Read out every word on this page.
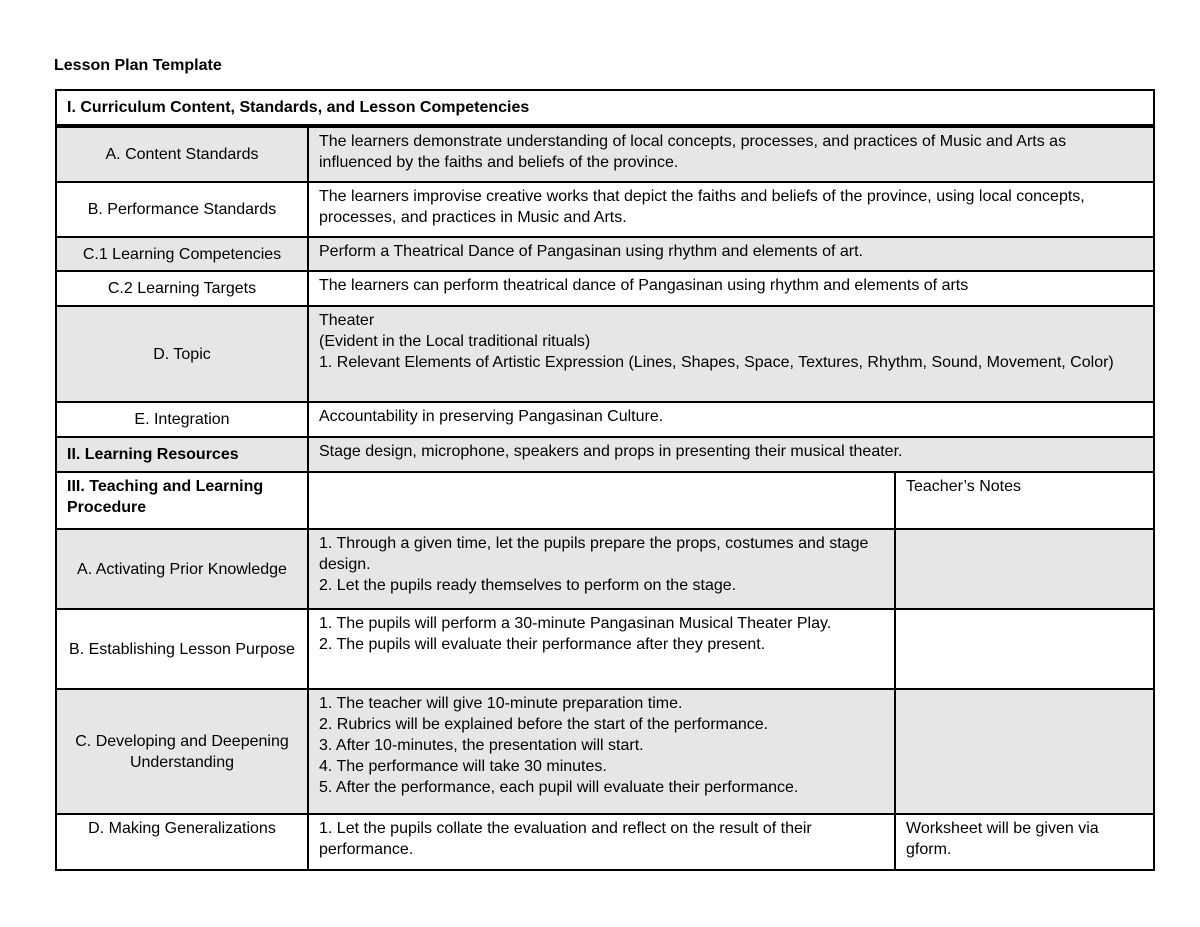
Lesson Plan Template
I. Curriculum Content, Standards, and Lesson Competencies		
A. Content Standards	The learners demonstrate understanding of local concepts, processes, and practices of Music and Arts as influenced by the faiths and beliefs of the province.	
B. Performance Standards	The learners improvise creative works that depict the faiths and beliefs of the province, using local concepts, processes, and practices in Music and Arts.	
C.1 Learning Competencies	Perform a Theatrical Dance of Pangasinan using rhythm and elements of art.	
C.2 Learning Targets	The learners can perform theatrical dance of Pangasinan using rhythm and elements of arts	
D. Topic	Theater
(Evident in the Local traditional rituals)
1. Relevant Elements of Artistic Expression (Lines, Shapes, Space, Textures, Rhythm, Sound, Movement, Color)	
E. Integration	Accountability in preserving Pangasinan Culture.	
II. Learning Resources	Stage design, microphone, speakers and props in presenting their musical theater.	
III. Teaching and Learning Procedure		Teacher’s Notes
A. Activating Prior Knowledge	1. Through a given time, let the pupils prepare the props, costumes and stage design.
2. Let the pupils ready themselves to perform on the stage.	
B. Establishing Lesson Purpose	1. The pupils will perform a 30-minute Pangasinan Musical Theater Play.
2. The pupils will evaluate their performance after they present.	
C. Developing and Deepening Understanding	1. The teacher will give 10-minute preparation time.
2. Rubrics will be explained before the start of the performance.
3. After 10-minutes, the presentation will start.
4. The performance will take 30 minutes.
5. After the performance, each pupil will evaluate their performance.	
D. Making Generalizations	1. Let the pupils collate the evaluation and reflect on the result of their performance.	Worksheet will be given via gform.
